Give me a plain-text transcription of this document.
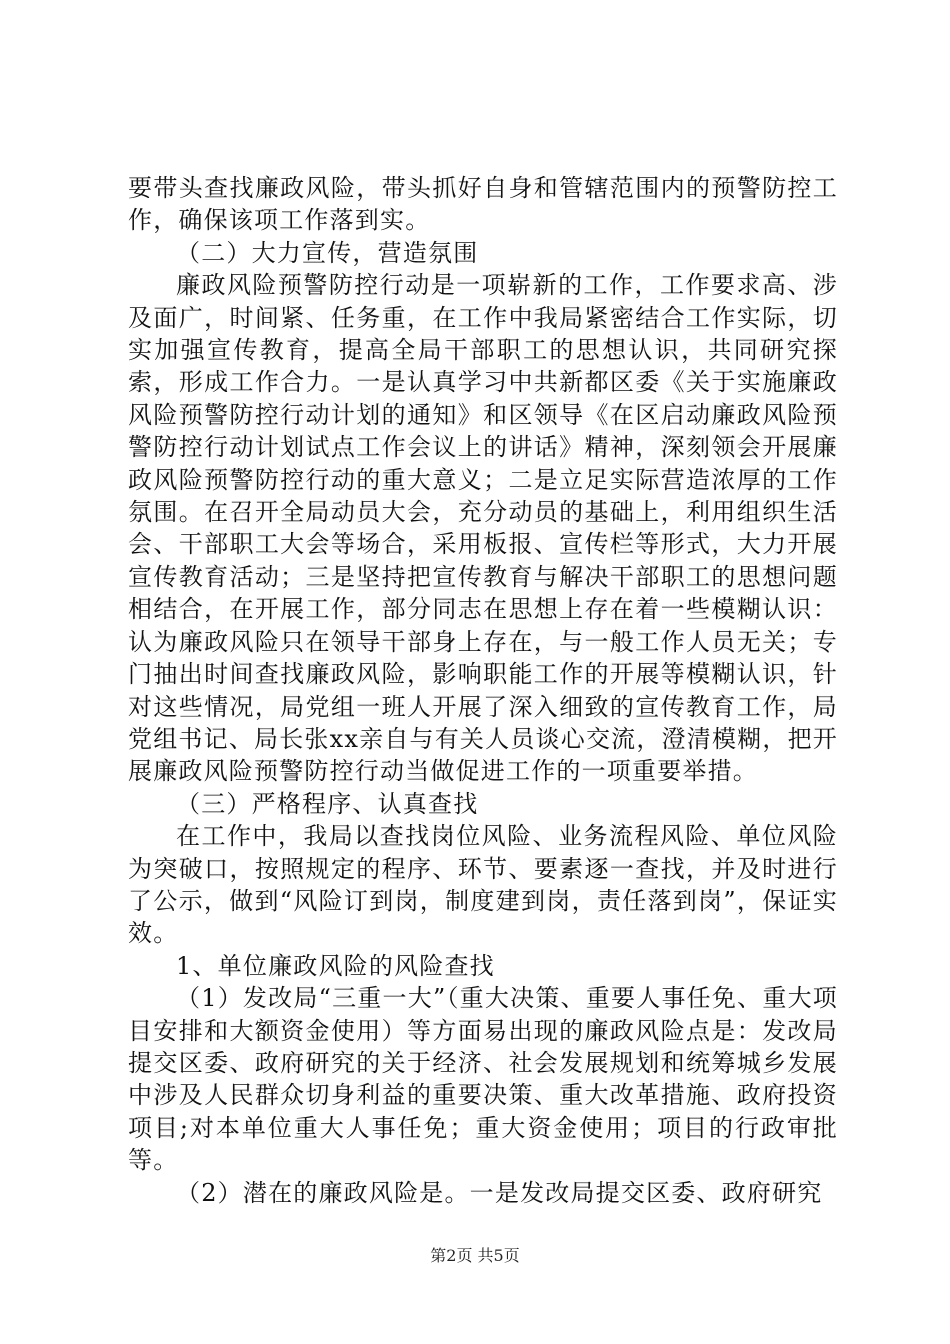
要带头查找廉政风险，带头抓好自身和管辖范围内的预警防控工作，确保该项工作落到实。

（二）大力宣传，营造氛围

廉政风险预警防控行动是一项崭新的工作，工作要求高、涉及面广，时间紧、任务重，在工作中我局紧密结合工作实际，切实加强宣传教育，提高全局干部职工的思想认识，共同研究探索，形成工作合力。一是认真学习中共新都区委《关于实施廉政风险预警防控行动计划的通知》和区领导《在区启动廉政风险预警防控行动计划试点工作会议上的讲话》精神，深刻领会开展廉政风险预警防控行动的重大意义；二是立足实际营造浓厚的工作氛围。在召开全局动员大会，充分动员的基础上，利用组织生活会、干部职工大会等场合，采用板报、宣传栏等形式，大力开展宣传教育活动；三是坚持把宣传教育与解决干部职工的思想问题相结合，在开展工作，部分同志在思想上存在着一些模糊认识：认为廉政风险只在领导干部身上存在，与一般工作人员无关；专门抽出时间查找廉政风险，影响职能工作的开展等模糊认识，针对这些情况，局党组一班人开展了深入细致的宣传教育工作，局党组书记、局长张xx亲自与有关人员谈心交流，澄清模糊，把开展廉政风险预警防控行动当做促进工作的一项重要举措。

（三）严格程序、认真查找

在工作中，我局以查找岗位风险、业务流程风险、单位风险为突破口，按照规定的程序、环节、要素逐一查找，并及时进行了公示，做到“风险订到岗，制度建到岗，责任落到岗”，保证实效。

1、单位廉政风险的风险查找

（1）发改局“三重一大”（重大决策、重要人事任免、重大项目安排和大额资金使用）等方面易出现的廉政风险点是：发改局提交区委、政府研究的关于经济、社会发展规划和统筹城乡发展中涉及人民群众切身利益的重要决策、重大改革措施、政府投资项目;对本单位重大人事任免；重大资金使用；项目的行政审批等。

（2）潜在的廉政风险是。一是发改局提交区委、政府研究

第2页 共5页
